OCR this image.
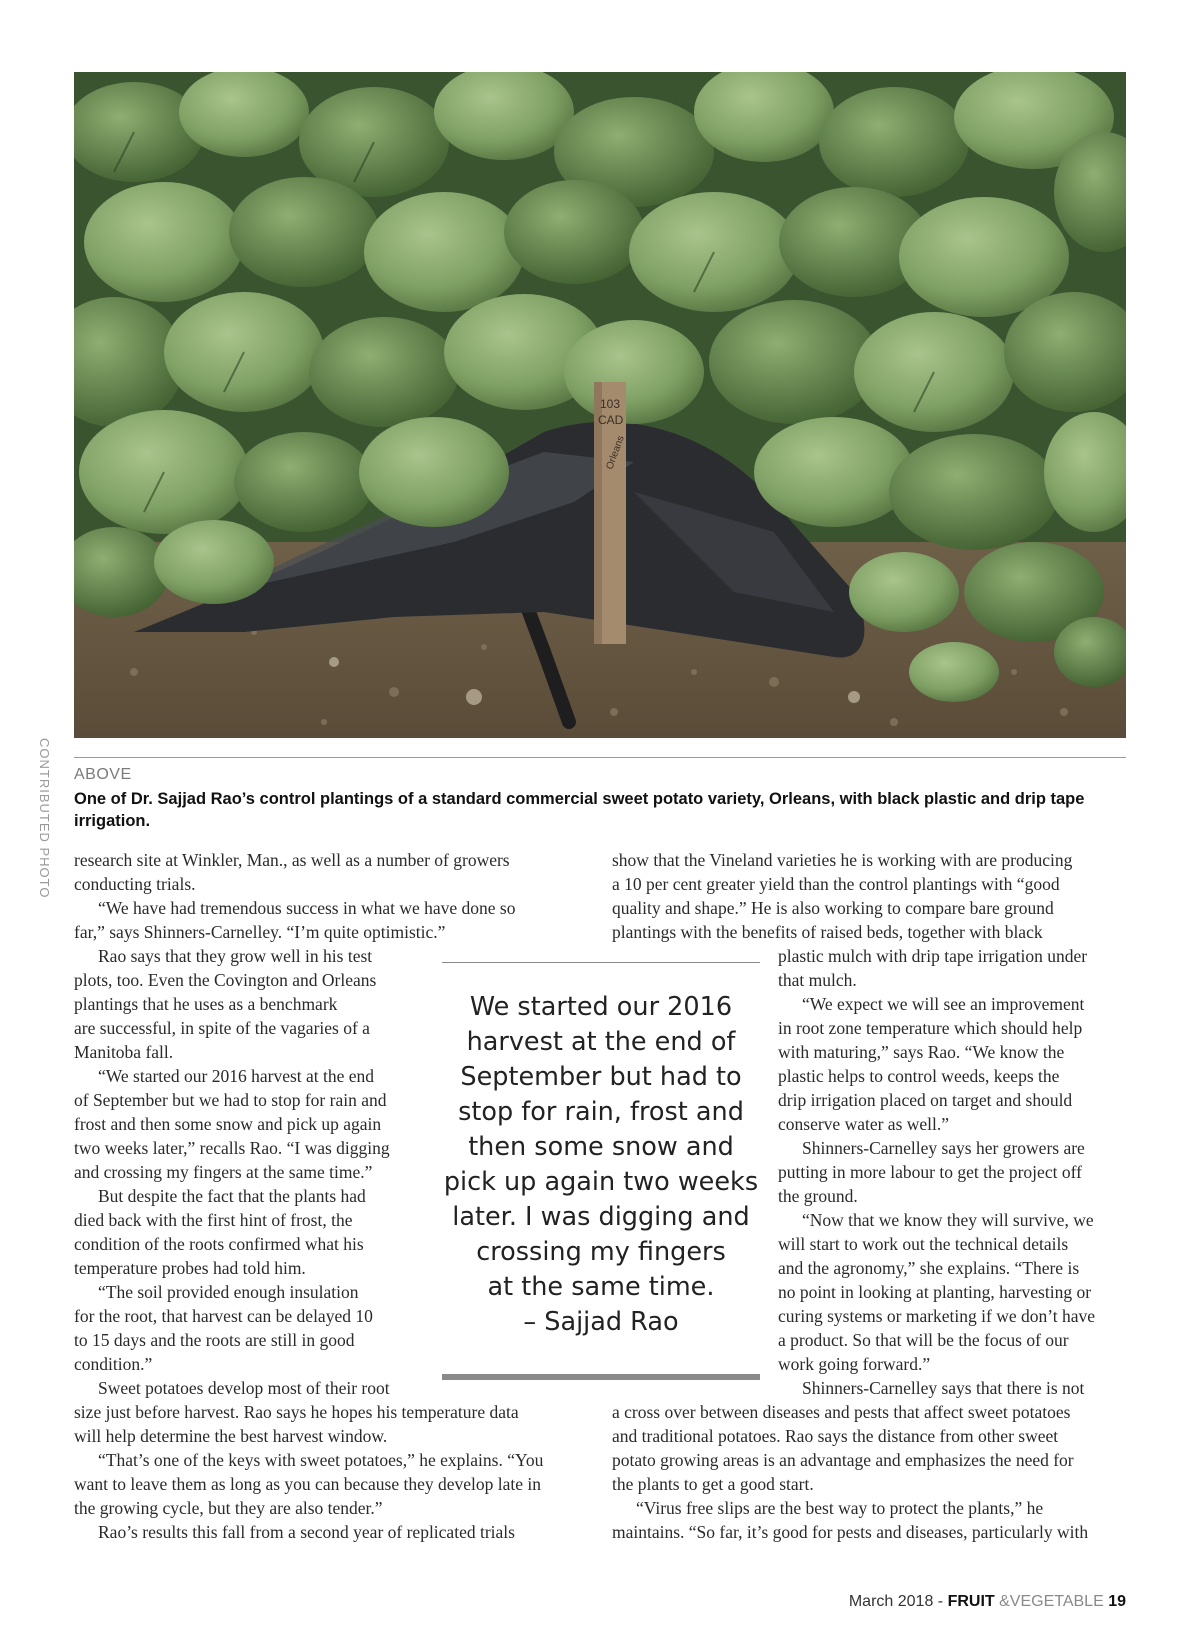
103
CAD
Orleans
CONTRIBUTED PHOTO ABOVE
One of Dr. Sajjad Rao’s control plantings of a standard commercial sweet potato variety, Orleans, with black plastic and drip tape irrigation.
We started our 2016
harvest at the end of
September but had to
stop for rain, frost and
then some snow and
pick up again two weeks
later. I was digging and
crossing my fingers
at the same time.
– Sajjad Rao
March 2018 - FRUIT &VEGETABLE 19
research site at Winkler, Man., as well as a number of growers
conducting trials.
“We have had tremendous success in what we have done so
far,” says Shinners-Carnelley. “I’m quite optimistic.”
Rao says that they grow well in his test
plots, too. Even the Covington and Orleans
plantings that he uses as a benchmark
are successful, in spite of the vagaries of a
Manitoba fall.
“We started our 2016 harvest at the end
of September but we had to stop for rain and
frost and then some snow and pick up again
two weeks later,” recalls Rao. “I was digging
and crossing my fingers at the same time.”
But despite the fact that the plants had
died back with the first hint of frost, the
condition of the roots confirmed what his
temperature probes had told him.
“The soil provided enough insulation
for the root, that harvest can be delayed 10
to 15 days and the roots are still in good
condition.”
Sweet potatoes develop most of their root
size just before harvest. Rao says he hopes his temperature data
will help determine the best harvest window.
“That’s one of the keys with sweet potatoes,” he explains. “You
want to leave them as long as you can because they develop late in
the growing cycle, but they are also tender.”
Rao’s results this fall from a second year of replicated trials
show that the Vineland varieties he is working with are producing
a 10 per cent greater yield than the control plantings with “good
quality and shape.” He is also working to compare bare ground
plantings with the benefits of raised beds, together with black
plastic mulch with drip tape irrigation under
that mulch.
“We expect we will see an improvement
in root zone temperature which should help
with maturing,” says Rao. “We know the
plastic helps to control weeds, keeps the
drip irrigation placed on target and should
conserve water as well.”
Shinners-Carnelley says her growers are
putting in more labour to get the project off
the ground.
“Now that we know they will survive, we
will start to work out the technical details
and the agronomy,” she explains. “There is
no point in looking at planting, harvesting or
curing systems or marketing if we don’t have
a product. So that will be the focus of our
work going forward.”
Shinners-Carnelley says that there is not
a cross over between diseases and pests that affect sweet potatoes
and traditional potatoes. Rao says the distance from other sweet
potato growing areas is an advantage and emphasizes the need for
the plants to get a good start.
“Virus free slips are the best way to protect the plants,” he
maintains. “So far, it’s good for pests and diseases, particularly with
